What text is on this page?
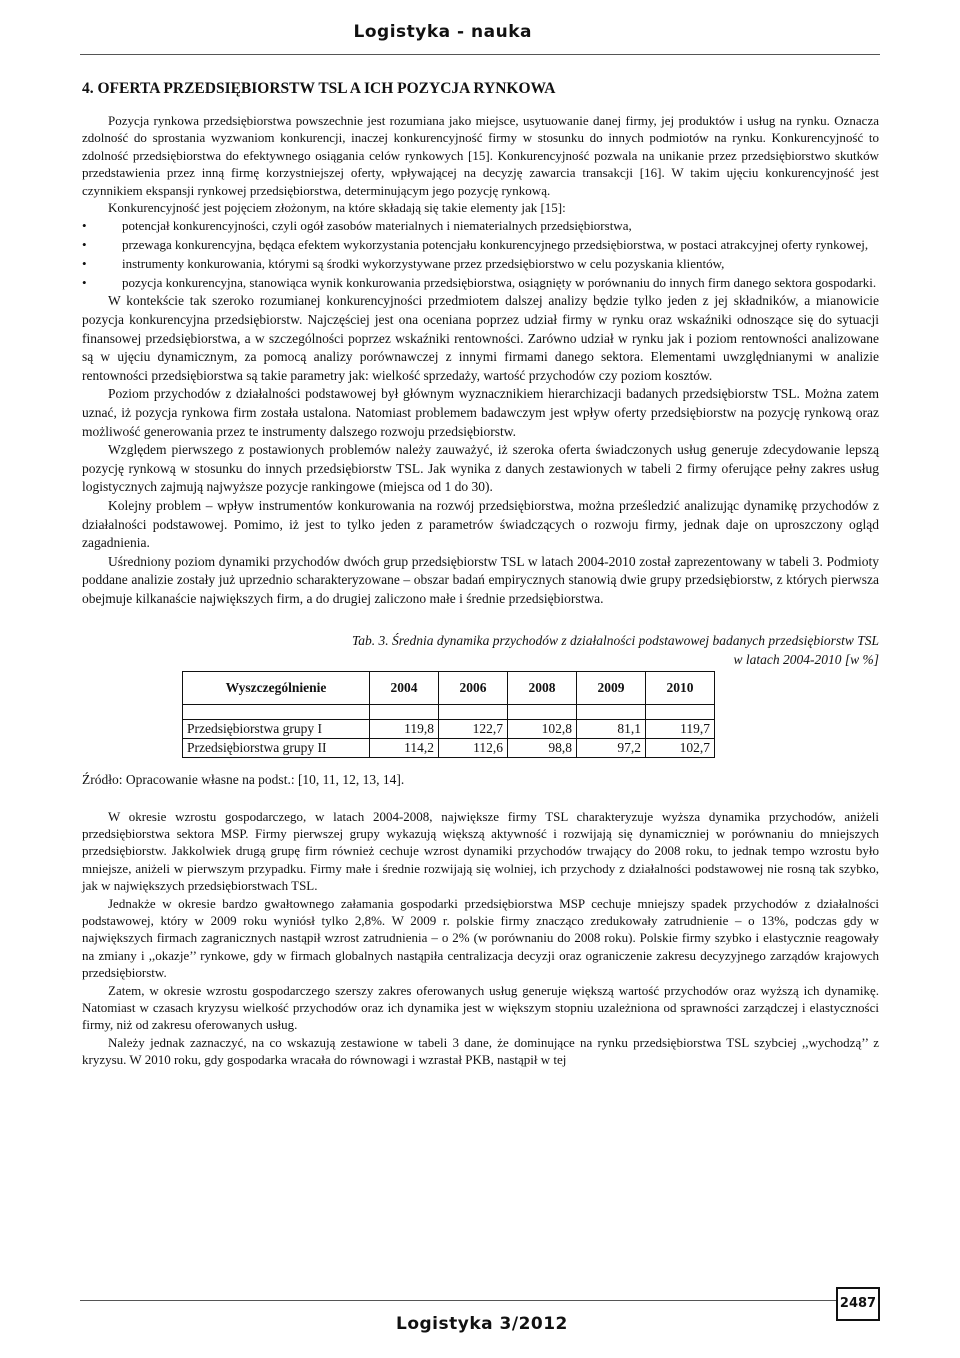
Logistyka - nauka
4. OFERTA PRZEDSIĘBIORSTW TSL A ICH POZYCJA RYNKOWA

Pozycja rynkowa przedsiębiorstwa powszechnie jest rozumiana jako miejsce, usytuowanie danej firmy, jej produktów i usług na rynku. Oznacza zdolność do sprostania wyzwaniom konkurencji, inaczej konkurencyjność firmy w stosunku do innych podmiotów na rynku. Konkurencyjność to zdolność przedsiębiorstwa do efektywnego osiągania celów rynkowych [15]. Konkurencyjność pozwala na unikanie przez przedsiębiorstwo skutków przedstawienia przez inną firmę korzystniejszej oferty, wpływającej na decyzję zawarcia transakcji [16]. W takim ujęciu konkurencyjność jest czynnikiem ekspansji rynkowej przedsiębiorstwa, determinującym jego pozycję rynkową.

Konkurencyjność jest pojęciem złożonym, na które składają się takie elementy jak [15]:

•	potencjał konkurencyjności, czyli ogół zasobów materialnych i niematerialnych przedsiębiorstwa,
•	przewaga konkurencyjna, będąca efektem wykorzystania potencjału konkurencyjnego przedsiębiorstwa, w postaci atrakcyjnej oferty rynkowej,
•	instrumenty konkurowania, którymi są środki wykorzystywane przez przedsiębiorstwo w celu pozyskania klientów,
•	pozycja konkurencyjna, stanowiąca wynik konkurowania przedsiębiorstwa, osiągnięty w porównaniu do innych firm danego sektora gospodarki.

W kontekście tak szeroko rozumianej konkurencyjności przedmiotem dalszej analizy będzie tylko jeden z jej składników, a mianowicie pozycja konkurencyjna przedsiębiorstw. Najczęściej jest ona oceniana poprzez udział firmy w rynku oraz wskaźniki odnoszące się do sytuacji finansowej przedsiębiorstwa, a w szczególności poprzez wskaźniki rentowności. Zarówno udział w rynku jak i poziom rentowności analizowane są w ujęciu dynamicznym, za pomocą analizy porównawczej z innymi firmami danego sektora. Elementami uwzględnianymi w analizie rentowności przedsiębiorstwa są takie parametry jak: wielkość sprzedaży, wartość przychodów czy poziom kosztów.

Poziom przychodów z działalności podstawowej był głównym wyznacznikiem hierarchizacji badanych przedsiębiorstw TSL. Można zatem uznać, iż pozycja rynkowa firm została ustalona. Natomiast problemem badawczym jest wpływ oferty przedsiębiorstw na pozycję rynkową oraz możliwość generowania przez te instrumenty dalszego rozwoju przedsiębiorstw.

Względem pierwszego z postawionych problemów należy zauważyć, iż szeroka oferta świadczonych usług generuje zdecydowanie lepszą pozycję rynkową w stosunku do innych przedsiębiorstw TSL. Jak wynika z danych zestawionych w tabeli 2 firmy oferujące pełny zakres usług logistycznych zajmują najwyższe pozycje rankingowe (miejsca od 1 do 30).

Kolejny problem – wpływ instrumentów konkurowania na rozwój przedsiębiorstwa, można prześledzić analizując dynamikę przychodów z działalności podstawowej. Pomimo, iż jest to tylko jeden z parametrów świadczących o rozwoju firmy, jednak daje on uproszczony ogląd zagadnienia.

Uśredniony poziom dynamiki przychodów dwóch grup przedsiębiorstw TSL w latach 2004-2010 został zaprezentowany w tabeli 3. Podmioty poddane analizie zostały już uprzednio scharakteryzowane – obszar badań empirycznych stanowią dwie grupy przedsiębiorstw, z których pierwsza obejmuje kilkanaście największych firm, a do drugiej zaliczono małe i średnie przedsiębiorstwa.

Tab. 3. Średnia dynamika przychodów z działalności podstawowej badanych przedsiębiorstw TSL
w latach 2004-2010 [w %]
Wyszczególnienie	2004	2006	2008	2009	2010

Przedsiębiorstwa grupy I	119,8	122,7	102,8	81,1	119,7
Przedsiębiorstwa grupy II	114,2	112,6	98,8	97,2	102,7
Źródło: Opracowanie własne na podst.: [10, 11, 12, 13, 14].

W okresie wzrostu gospodarczego, w latach 2004-2008, największe firmy TSL charakteryzuje wyższa dynamika przychodów, aniżeli przedsiębiorstwa sektora MSP. Firmy pierwszej grupy wykazują większą aktywność i rozwijają się dynamiczniej w porównaniu do mniejszych przedsiębiorstw. Jakkolwiek drugą grupę firm również cechuje wzrost dynamiki przychodów trwający do 2008 roku, to jednak tempo wzrostu było mniejsze, aniżeli w pierwszym przypadku. Firmy małe i średnie rozwijają się wolniej, ich przychody z działalności podstawowej nie rosną tak szybko, jak w największych przedsiębiorstwach TSL.

Jednakże w okresie bardzo gwałtownego załamania gospodarki przedsiębiorstwa MSP cechuje mniejszy spadek przychodów z działalności podstawowej, który w 2009 roku wyniósł tylko 2,8%. W 2009 r. polskie firmy znacząco zredukowały zatrudnienie – o 13%, podczas gdy w największych firmach zagranicznych nastąpił wzrost zatrudnienia – o 2% (w porównaniu do 2008 roku). Polskie firmy szybko i elastycznie reagowały na zmiany i ,,okazje’’ rynkowe, gdy w firmach globalnych nastąpiła centralizacja decyzji oraz ograniczenie zakresu decyzyjnego zarządów krajowych przedsiębiorstw.

Zatem, w okresie wzrostu gospodarczego szerszy zakres oferowanych usług generuje większą wartość przychodów oraz wyższą ich dynamikę. Natomiast w czasach kryzysu wielkość przychodów oraz ich dynamika jest w większym stopniu uzależniona od sprawności zarządczej i elastyczności firmy, niż od zakresu oferowanych usług.

Należy jednak zaznaczyć, na co wskazują zestawione w tabeli 3 dane, że dominujące na rynku przedsiębiorstwa TSL szybciej ,,wychodzą’’ z kryzysu. W 2010 roku, gdy gospodarka wracała do równowagi i wzrastał PKB, nastąpił w tej

2487
Logistyka 3/2012
